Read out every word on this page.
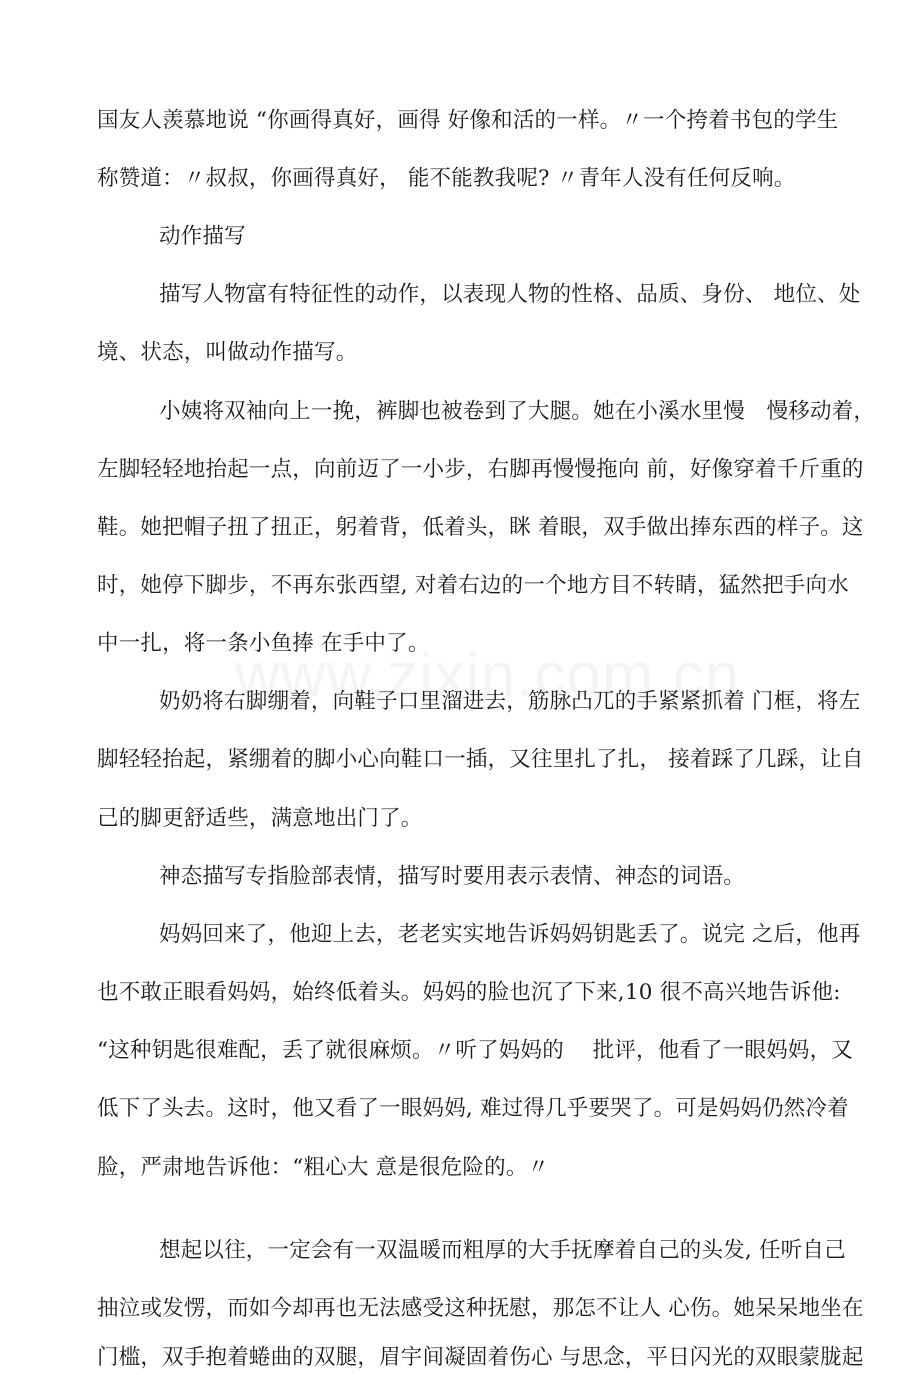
国友人羡慕地说 “你画得真好，画得 好像和活的一样。〃一个挎着书包的学生
称赞道：〃叔叔，你画得真好， 能不能教我呢? 〃青年人没有任何反响。
动作描写
描写人物富有特征性的动作，以表现人物的性格、品质、身份、 地位、处
境、状态，叫做动作描写。
小姨将双袖向上一挽，裤脚也被卷到了大腿。她在小溪水里慢　慢移动着，
左脚轻轻地抬起一点，向前迈了一小步，右脚再慢慢拖向 前，好像穿着千斤重的
鞋。她把帽子扭了扭正，躬着背，低着头，眯 着眼，双手做出捧东西的样子。这
时，她停下脚步，不再东张西望, 对着右边的一个地方目不转睛，猛然把手向水
中一扎，将一条小鱼捧 在手中了。
奶奶将右脚绷着，向鞋子口里溜进去，筋脉凸兀的手紧紧抓着 门框，将左
脚轻轻抬起，紧绷着的脚小心向鞋口一插，又往里扎了扎， 接着踩了几踩，让自
己的脚更舒适些，满意地出门了。
神态描写专指脸部表情，描写时要用表示表情、神态的词语。
妈妈回来了，他迎上去，老老实实地告诉妈妈钥匙丢了。说完 之后，他再
也不敢正眼看妈妈，始终低着头。妈妈的脸也沉了下来,10 很不高兴地告诉他:
“这种钥匙很难配，丢了就很麻烦。〃听了妈妈的　 批评，他看了一眼妈妈，又
低下了头去。这时，他又看了一眼妈妈, 难过得几乎要哭了。可是妈妈仍然冷着
脸，严肃地告诉他：“粗心大 意是很危险的。〃
想起以往，一定会有一双温暖而粗厚的大手抚摩着自己的头发, 任听自己
抽泣或发愣，而如今却再也无法感受这种抚慰，那怎不让人 心伤。她呆呆地坐在
门槛，双手抱着蜷曲的双腿，眉宇间凝固着伤心 与思念，平日闪光的双眼蒙胧起
